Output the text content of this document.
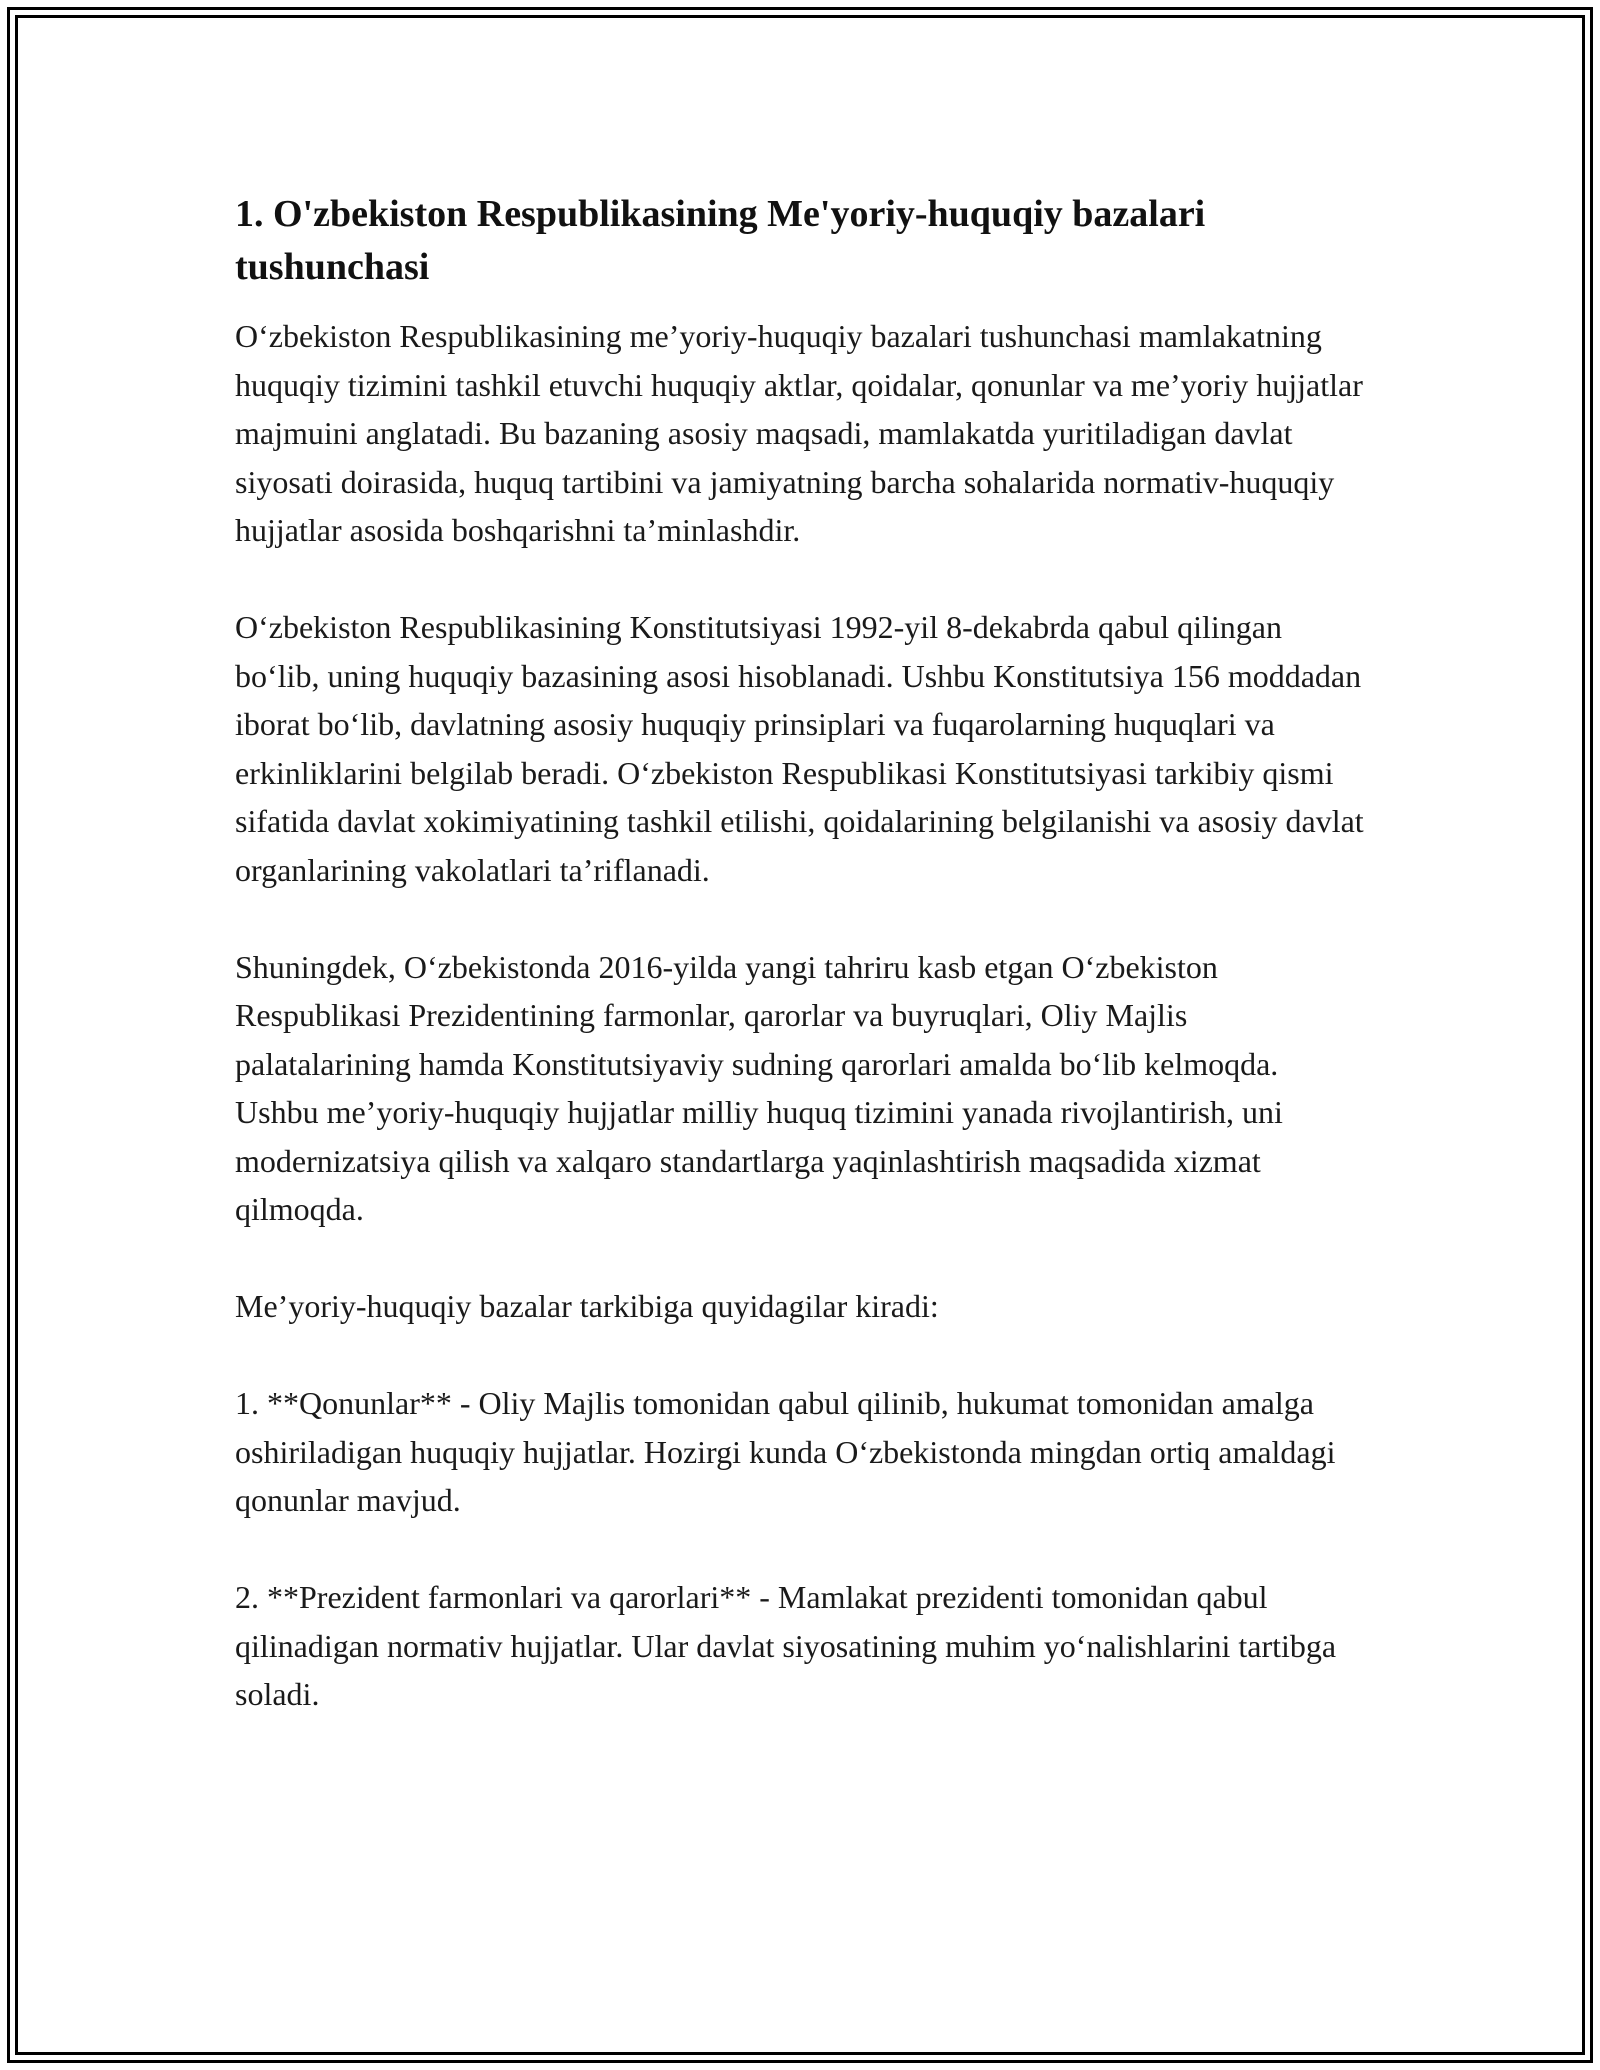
1. O'zbekiston Respublikasining Me'yoriy-huquqiy bazalari tushunchasi

O‘zbekiston Respublikasining me’yoriy-huquqiy bazalari tushunchasi mamlakatning huquqiy tizimini tashkil etuvchi huquqiy aktlar, qoidalar, qonunlar va me’yoriy hujjatlar majmuini anglatadi. Bu bazaning asosiy maqsadi, mamlakatda yuritiladigan davlat siyosati doirasida, huquq tartibini va jamiyatning barcha sohalarida normativ-huquqiy hujjatlar asosida boshqarishni ta’minlashdir.

O‘zbekiston Respublikasining Konstitutsiyasi 1992-yil 8-dekabrda qabul qilingan bo‘lib, uning huquqiy bazasining asosi hisoblanadi. Ushbu Konstitutsiya 156 moddadan iborat bo‘lib, davlatning asosiy huquqiy prinsiplari va fuqarolarning huquqlari va erkinliklarini belgilab beradi. O‘zbekiston Respublikasi Konstitutsiyasi tarkibiy qismi sifatida davlat xokimiyatining tashkil etilishi, qoidalarining belgilanishi va asosiy davlat organlarining vakolatlari ta’riflanadi.

Shuningdek, O‘zbekistonda 2016-yilda yangi tahriru kasb etgan O‘zbekiston Respublikasi Prezidentining farmonlar, qarorlar va buyruqlari, Oliy Majlis palatalarining hamda Konstitutsiyaviy sudning qarorlari amalda bo‘lib kelmoqda. Ushbu me’yoriy-huquqiy hujjatlar milliy huquq tizimini yanada rivojlantirish, uni modernizatsiya qilish va xalqaro standartlarga yaqinlashtirish maqsadida xizmat qilmoqda.

Me’yoriy-huquqiy bazalar tarkibiga quyidagilar kiradi:

1. **Qonunlar** - Oliy Majlis tomonidan qabul qilinib, hukumat tomonidan amalga oshiriladigan huquqiy hujjatlar. Hozirgi kunda O‘zbekistonda mingdan ortiq amaldagi qonunlar mavjud.

2. **Prezident farmonlari va qarorlari** - Mamlakat prezidenti tomonidan qabul qilinadigan normativ hujjatlar. Ular davlat siyosatining muhim yo‘nalishlarini tartibga soladi.
